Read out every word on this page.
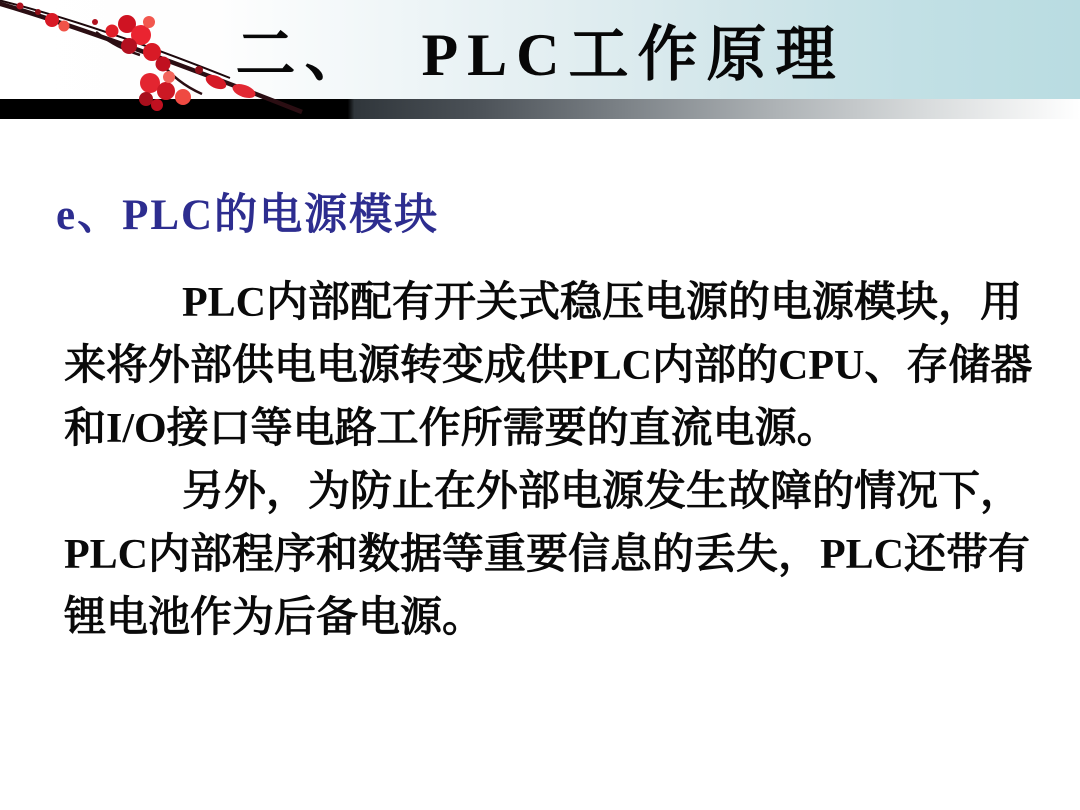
二、  PLC工作原理
e、PLC的电源模块
PLC内部配有开关式稳压电源的电源模块，用
来将外部供电电源转变成供PLC内部的CPU、存储器
和I/O接口等电路工作所需要的直流电源。
另外，为防止在外部电源发生故障的情况下，
PLC内部程序和数据等重要信息的丢失，PLC还带有
锂电池作为后备电源。
